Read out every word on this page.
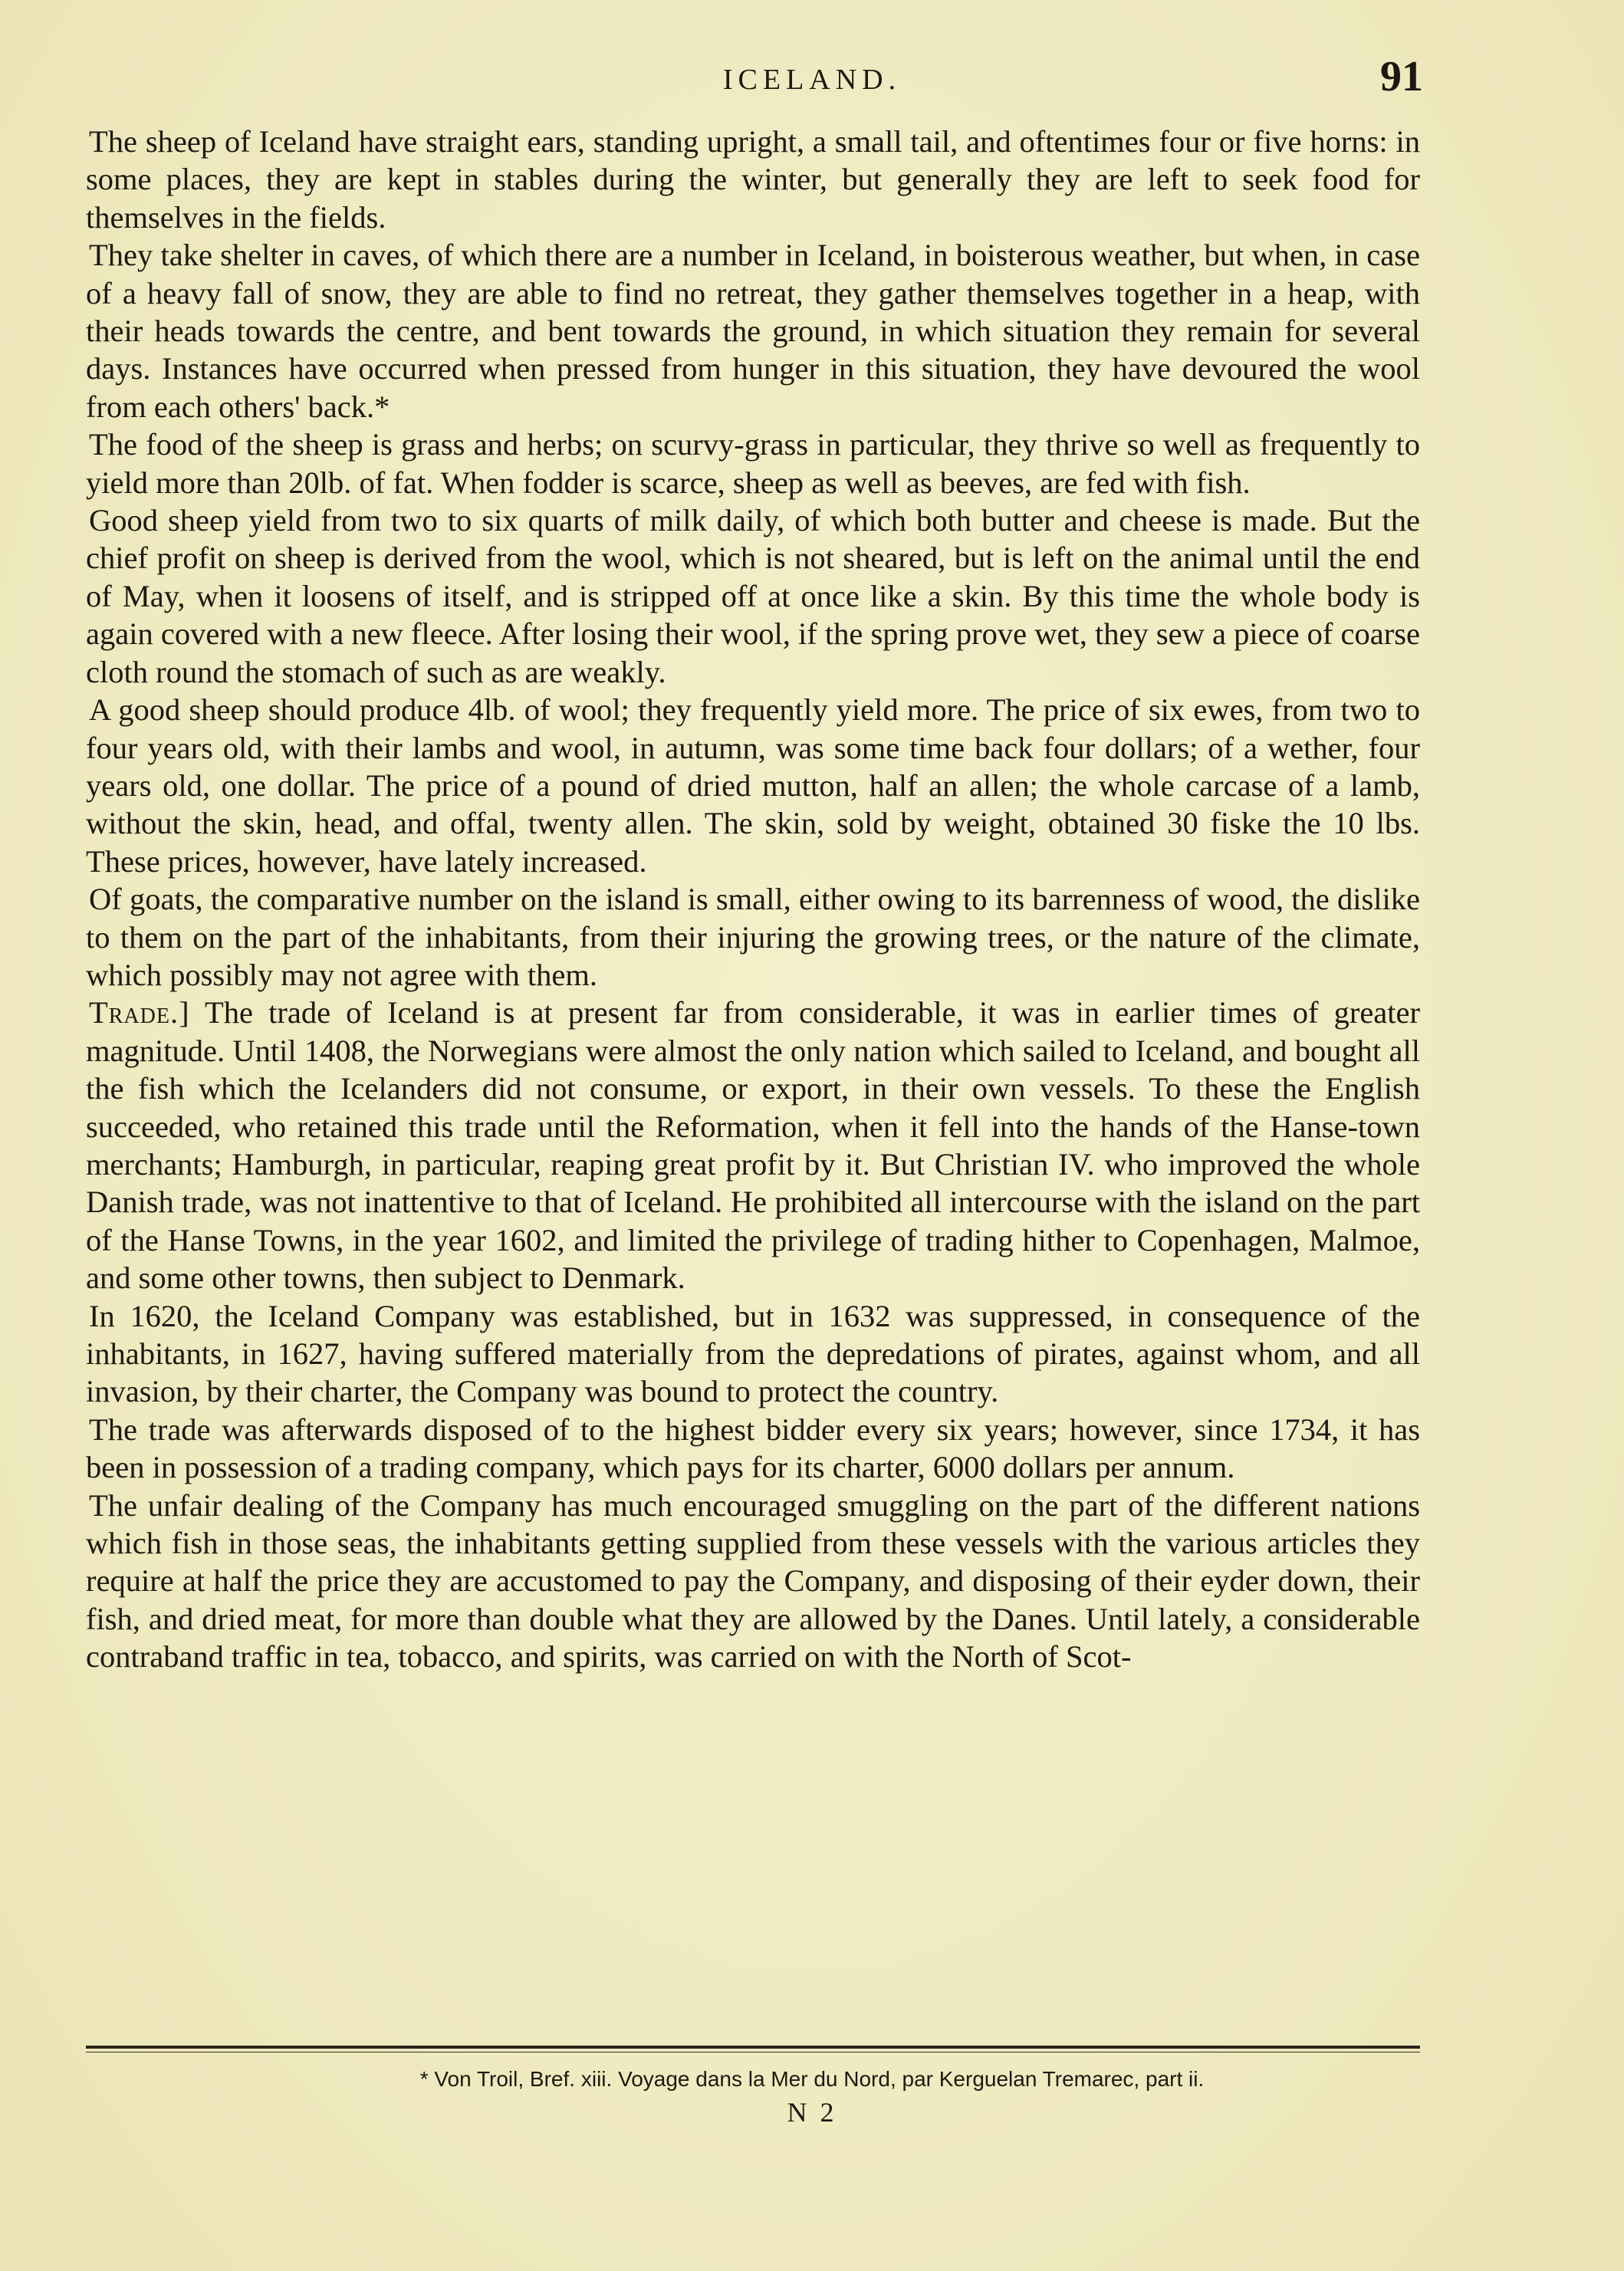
ICELAND.	91

The sheep of Iceland have straight ears, standing upright, a small tail, and oftentimes four or five horns: in some places, they are kept in stables during the winter, but generally they are left to seek food for themselves in the fields.

They take shelter in caves, of which there are a number in Iceland, in boisterous weather, but when, in case of a heavy fall of snow, they are able to find no retreat, they gather themselves together in a heap, with their heads towards the centre, and bent towards the ground, in which situation they remain for several days. Instances have occurred when pressed from hunger in this situation, they have devoured the wool from each others' back.*

The food of the sheep is grass and herbs; on scurvy-grass in particular, they thrive so well as frequently to yield more than 20lb. of fat. When fodder is scarce, sheep as well as beeves, are fed with fish.

Good sheep yield from two to six quarts of milk daily, of which both butter and cheese is made. But the chief profit on sheep is derived from the wool, which is not sheared, but is left on the animal until the end of May, when it loosens of itself, and is stripped off at once like a skin. By this time the whole body is again covered with a new fleece. After losing their wool, if the spring prove wet, they sew a piece of coarse cloth round the stomach of such as are weakly.

A good sheep should produce 4lb. of wool; they frequently yield more. The price of six ewes, from two to four years old, with their lambs and wool, in autumn, was some time back four dollars; of a wether, four years old, one dollar. The price of a pound of dried mutton, half an allen; the whole carcase of a lamb, without the skin, head, and offal, twenty allen. The skin, sold by weight, obtained 30 fiske the 10 lbs. These prices, however, have lately increased.

Of goats, the comparative number on the island is small, either owing to its barrenness of wood, the dislike to them on the part of the inhabitants, from their injuring the growing trees, or the nature of the climate, which possibly may not agree with them.

Trade.] The trade of Iceland is at present far from considerable, it was in earlier times of greater magnitude. Until 1408, the Norwegians were almost the only nation which sailed to Iceland, and bought all the fish which the Icelanders did not consume, or export, in their own vessels. To these the English succeeded, who retained this trade until the Reformation, when it fell into the hands of the Hanse-town merchants; Hamburgh, in particular, reaping great profit by it. But Christian IV. who improved the whole Danish trade, was not inattentive to that of Iceland. He prohibited all intercourse with the island on the part of the Hanse Towns, in the year 1602, and limited the privilege of trading hither to Copenhagen, Malmoe, and some other towns, then subject to Denmark.

In 1620, the Iceland Company was established, but in 1632 was suppressed, in consequence of the inhabitants, in 1627, having suffered materially from the depredations of pirates, against whom, and all invasion, by their charter, the Company was bound to protect the country.

The trade was afterwards disposed of to the highest bidder every six years; however, since 1734, it has been in possession of a trading company, which pays for its charter, 6000 dollars per annum.

The unfair dealing of the Company has much encouraged smuggling on the part of the different nations which fish in those seas, the inhabitants getting supplied from these vessels with the various articles they require at half the price they are accustomed to pay the Company, and disposing of their eyder down, their fish, and dried meat, for more than double what they are allowed by the Danes. Until lately, a considerable contraband traffic in tea, tobacco, and spirits, was carried on with the North of Scot-

* Von Troil, Bref. xiii. Voyage dans la Mer du Nord, par Kerguelan Tremarec, part ii.
N 2
